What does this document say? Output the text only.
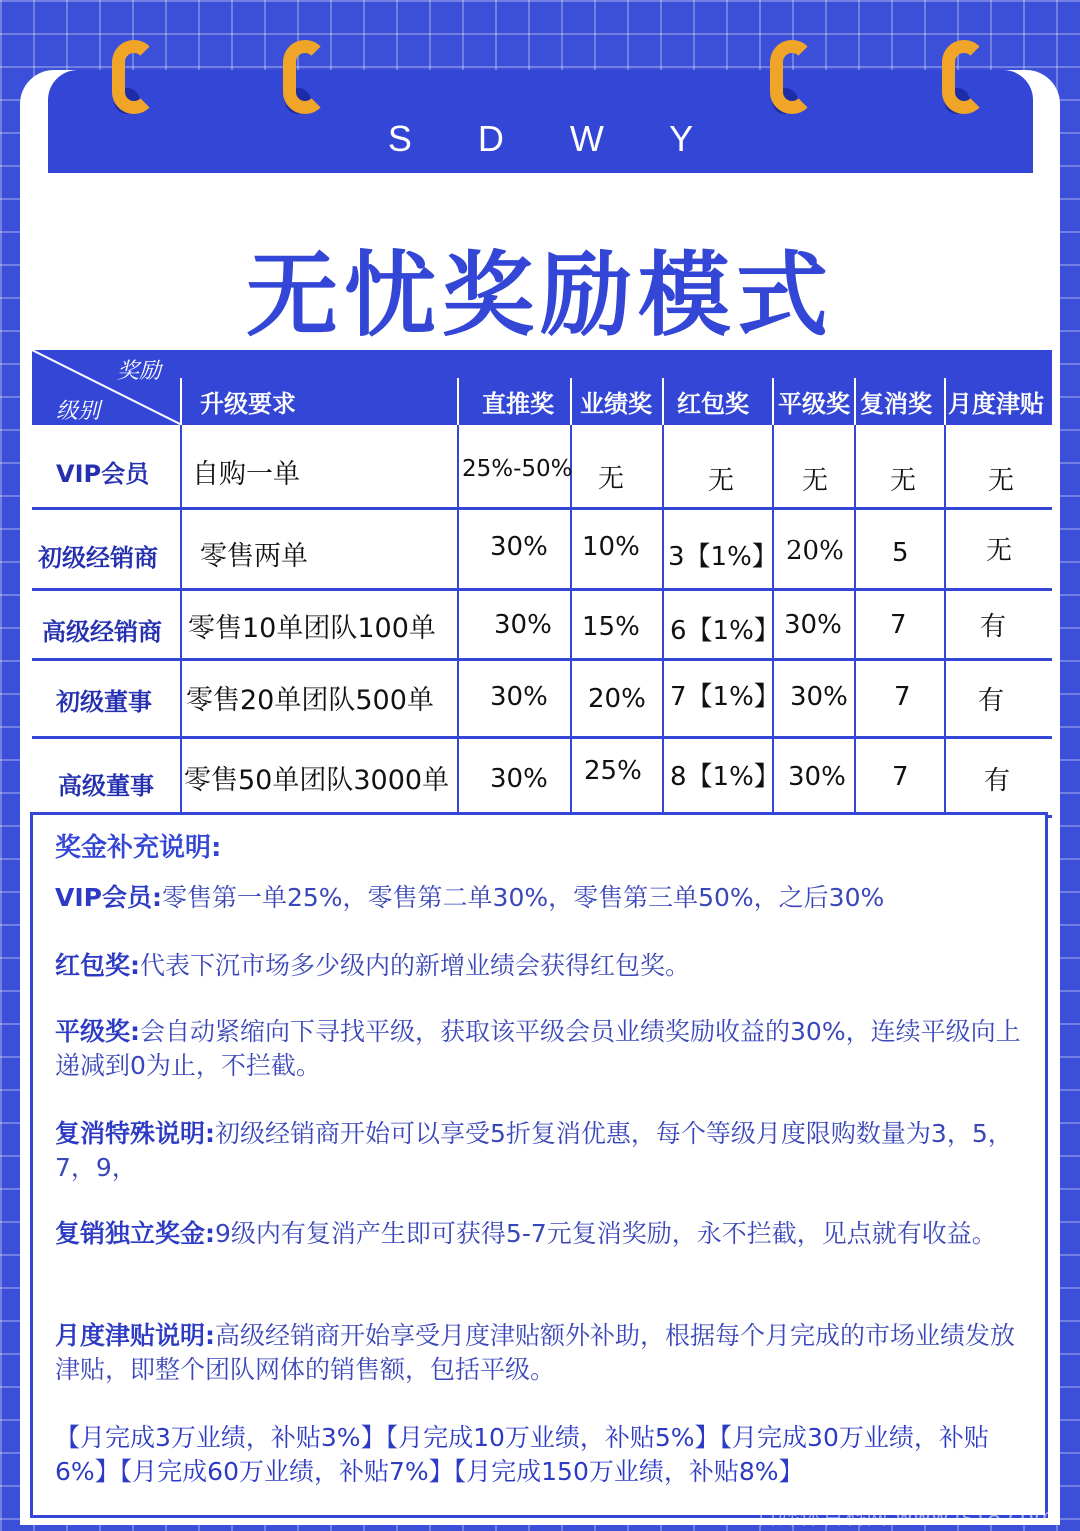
S D W Y
无忧奖励模式
奖励
级别	升级要求	直推奖 业绩奖 红包奖 平级奖 复消奖 月度津贴
VIP会员 自购一单	25%-50% 无	无	无 无	无
初级经销商 零售两单	30% 10% 3【1%】 20% 5	无
高级经销商 零售10单团队100单 30% 15% 6【1%】 30% 7	有
初级董事 零售20单团队500单 30% 20% 7【1%】 30% 7	有
高级董事 零售50单团队3000单 30% 25% 8【1%】 30% 7	有
奖金补充说明:
VIP会员:零售第一单25%，零售第二单30%，零售第三单50%，之后30%
红包奖:代表下沉市场多少级内的新增业绩会获得红包奖。
平级奖:会自动紧缩向下寻找平级，获取该平级会员业绩奖励收益的30%，连续平级向上递减到0为止，不拦截。
复消特殊说明:初级经销商开始可以享受5折复消优惠，每个等级月度限购数量为3，5，7，9，
复销独立奖金:9级内有复消产生即可获得5-7元复消奖励，永不拦截，见点就有收益。
月度津贴说明:高级经销商开始享受月度津贴额外补助，根据每个月完成的市场业绩发放津贴，即整个团队网体的销售额，包括平级。
【月完成3万业绩，补贴3%】【月完成10万业绩，补贴5%】【月完成30万业绩，补贴6%】【月完成60万业绩，补贴7%】【月完成150万业绩，补贴8%】
自媒体百科网 www.fs18.com
